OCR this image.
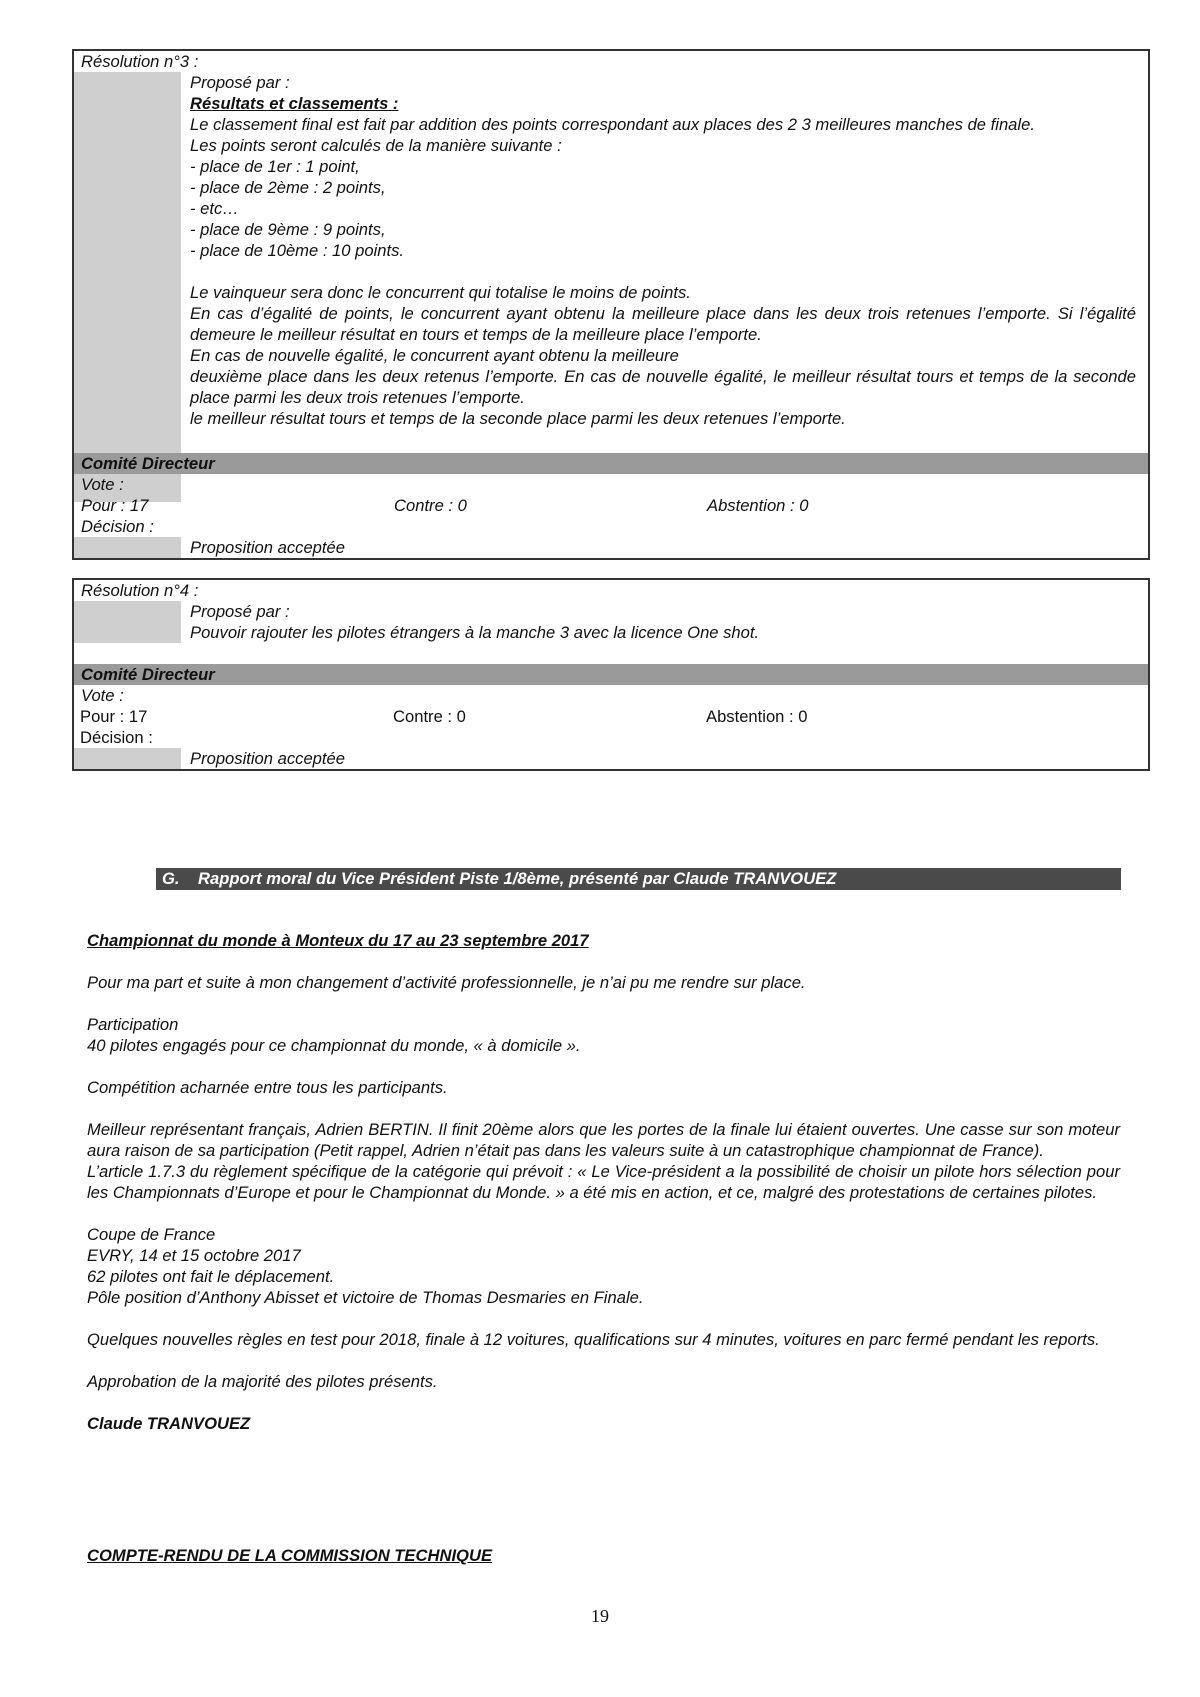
Résolution n°3 :

Proposé par :

Résultats et classements :

Le classement final est fait par addition des points correspondant aux places des 2 3 meilleures manches de finale.

Les points seront calculés de la manière suivante :

- place de 1er : 1 point,

- place de 2ème : 2 points,

- etc…

- place de 9ème : 9 points,

- place de 10ème : 10 points.

Le vainqueur sera donc le concurrent qui totalise le moins de points.

En cas d’égalité de points, le concurrent ayant obtenu la meilleure place dans les deux trois retenues l’emporte. Si l’égalité demeure le meilleur résultat en tours et temps de la meilleure place l’emporte.

En cas de nouvelle égalité, le concurrent ayant obtenu la meilleure

deuxième place dans les deux retenus l’emporte. En cas de nouvelle égalité, le meilleur résultat tours et temps de la seconde place parmi les deux trois retenues l’emporte.

le meilleur résultat tours et temps de la seconde place parmi les deux retenues l’emporte.

Comité Directeur
Vote :
Pour : 17	Contre : 0	Abstention : 0
Décision :
Proposition acceptée
Résolution n°4 :
Proposé par :
Pouvoir rajouter les pilotes étrangers à la manche 3 avec la licence One shot.
Comité Directeur
Vote :
Pour : 17	Contre : 0	Abstention : 0
Décision :
Proposition acceptée
G. Rapport moral du Vice Président Piste 1/8ème, présenté par Claude TRANVOUEZ

Championnat du monde à Monteux du 17 au 23 septembre 2017

Pour ma part et suite à mon changement d’activité professionnelle, je n’ai pu me rendre sur place.

Participation

40 pilotes engagés pour ce championnat du monde, « à domicile ».

Compétition acharnée entre tous les participants.

Meilleur représentant français, Adrien BERTIN. Il finit 20ème alors que les portes de la finale lui étaient ouvertes. Une casse sur son moteur aura raison de sa participation (Petit rappel, Adrien n’était pas dans les valeurs suite à un catastrophique championnat de France).

L’article 1.7.3 du règlement spécifique de la catégorie qui prévoit : « Le Vice-président a la possibilité de choisir un pilote hors sélection pour les Championnats d’Europe et pour le Championnat du Monde. » a été mis en action, et ce, malgré des protestations de certaines pilotes.

Coupe de France

EVRY, 14 et 15 octobre 2017

62 pilotes ont fait le déplacement.

Pôle position d’Anthony Abisset et victoire de Thomas Desmaries en Finale.

Quelques nouvelles règles en test pour 2018, finale à 12 voitures, qualifications sur 4 minutes, voitures en parc fermé pendant les reports.

Approbation de la majorité des pilotes présents.

Claude TRANVOUEZ

COMPTE-RENDU DE LA COMMISSION TECHNIQUE

19
